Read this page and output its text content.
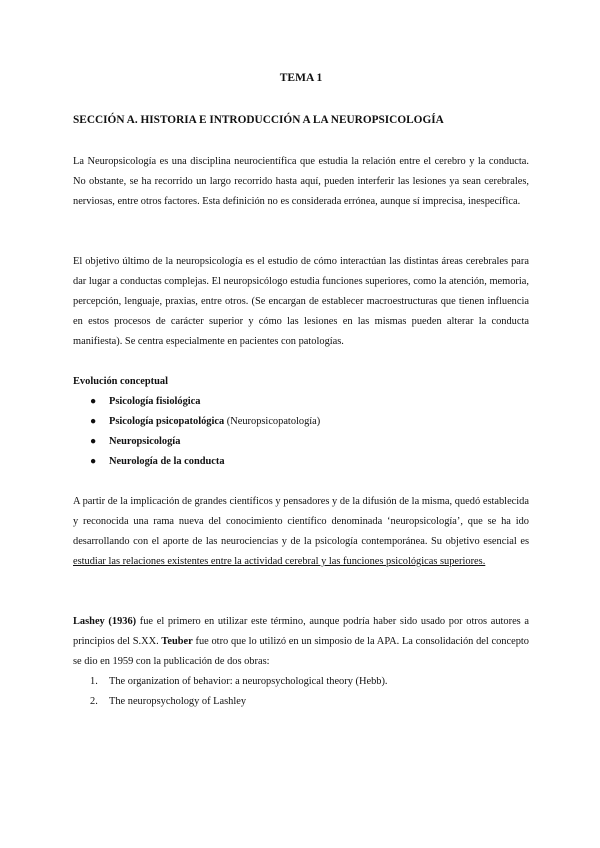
TEMA 1
SECCIÓN A. HISTORIA E INTRODUCCIÓN A LA NEUROPSICOLOGÍA
La Neuropsicología es una disciplina neurocientífica que estudia la relación entre el cerebro y la conducta. No obstante, se ha recorrido un largo recorrido hasta aquí, pueden interferir las lesiones ya sean cerebrales, nerviosas, entre otros factores. Esta definición no es considerada errónea, aunque sí imprecisa, inespecífica.
El objetivo último de la neuropsicología es el estudio de cómo interactúan las distintas áreas cerebrales para dar lugar a conductas complejas. El neuropsicólogo estudia funciones superiores, como la atención, memoria, percepción, lenguaje, praxias, entre otros. (Se encargan de establecer macroestructuras que tienen influencia en estos procesos de carácter superior y cómo las lesiones en las mismas pueden alterar la conducta manifiesta). Se centra especialmente en pacientes con patologías.
Evolución conceptual
● Psicología fisiológica
● Psicología psicopatológica (Neuropsicopatología)
● Neuropsicología
● Neurología de la conducta
A partir de la implicación de grandes científicos y pensadores y de la difusión de la misma, quedó establecida y reconocida una rama nueva del conocimiento científico denominada ‘neuropsicología’, que se ha ido desarrollando con el aporte de las neurociencias y de la psicología contemporánea. Su objetivo esencial es estudiar las relaciones existentes entre la actividad cerebral y las funciones psicológicas superiores.
Lashey (1936) fue el primero en utilizar este término, aunque podría haber sido usado por otros autores a principios del S.XX. Teuber fue otro que lo utilizó en un simposio de la APA. La consolidación del concepto se dio en 1959 con la publicación de dos obras:
1. The organization of behavior: a neuropsychological theory (Hebb).
2. The neuropsychology of Lashley
